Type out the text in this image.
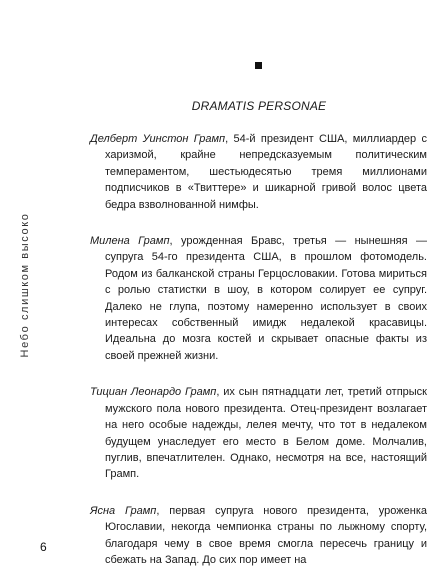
DRAMATIS PERSONAE
Небо слишком высоко

Делберт Уинстон Грамп, 54-й президент США, миллиардер с харизмой, крайне непредсказуемым политическим темпераментом, шестьюдесятью тремя миллионами подписчиков в «Твиттере» и шикарной гривой волос цвета бедра взволнованной нимфы.

Милена Грамп, урожденная Бравс, третья — нынешняя — супруга 54-го президента США, в прошлом фотомодель. Родом из балканской страны Герцословакии. Готова мириться с ролью статистки в шоу, в котором солирует ее супруг. Далеко не глупа, поэтому намеренно использует в своих интересах собственный имидж недалекой красавицы. Идеальна до мозга костей и скрывает опасные факты из своей прежней жизни.

Тициан Леонардо Грамп, их сын пятнадцати лет, третий отпрыск мужского пола нового президента. Отец-президент возлагает на него особые надежды, лелея мечту, что тот в недалеком будущем унаследует его место в Белом доме. Молчалив, пуглив, впечатлителен. Однако, несмотря на все, настоящий Грамп.

Ясна Грамп, первая супруга нового президента, уроженка Югославии, некогда чемпионка страны по лыжному спорту, благодаря чему в свое время смогла пересечь границу и сбежать на Запад. До сих пор имеет на

6
